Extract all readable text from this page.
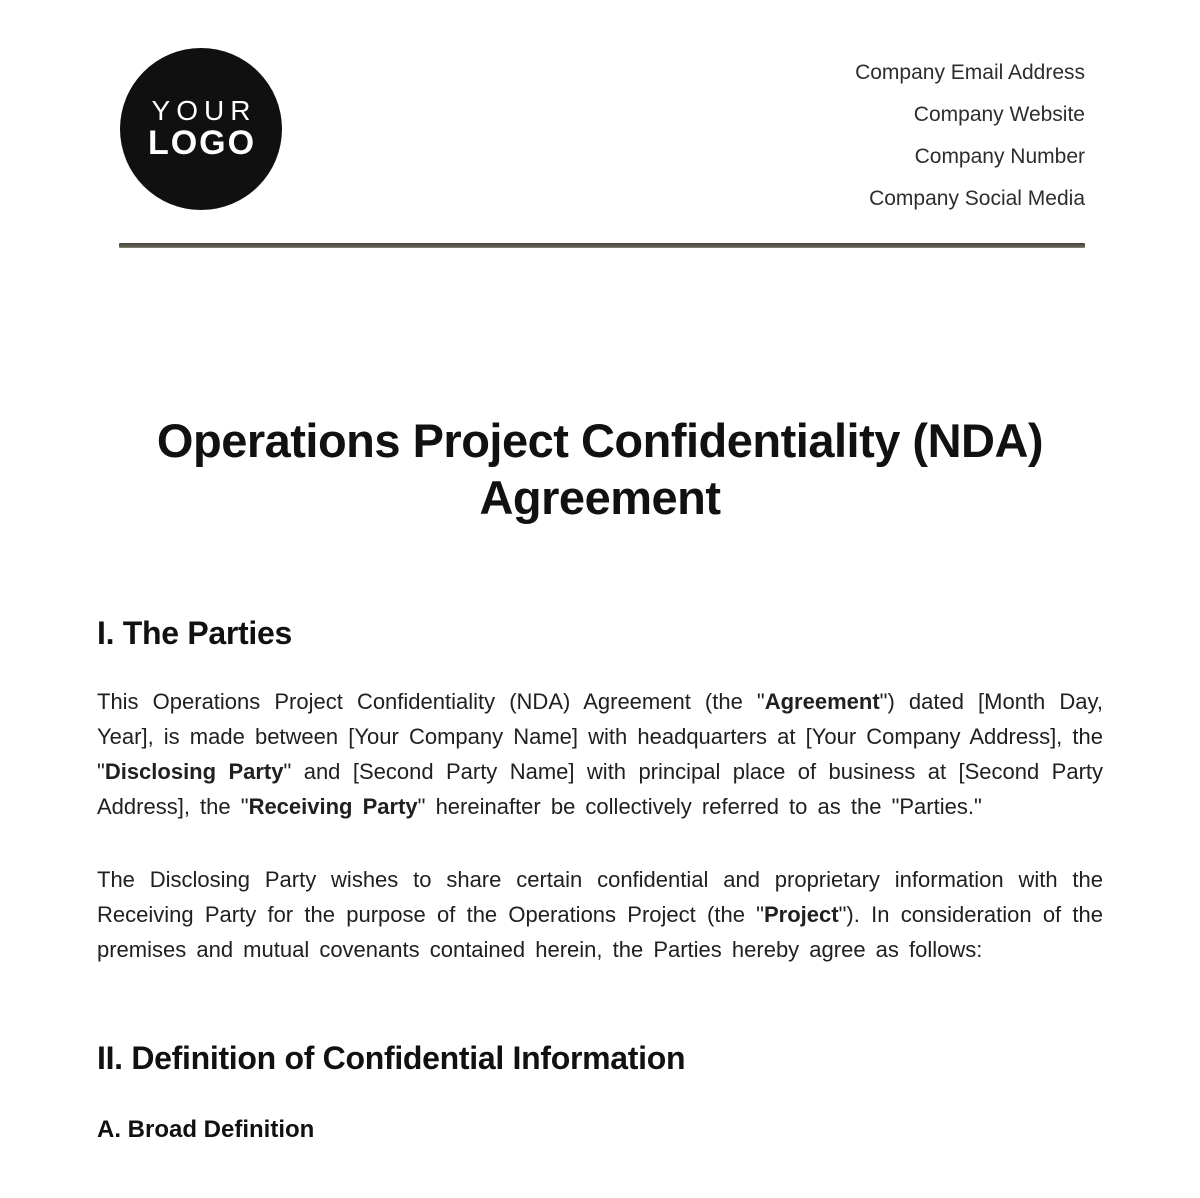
YOUR
LOGO
Company Email Address
Company Website
Company Number
Company Social Media
Operations Project Confidentiality (NDA) Agreement
I. The Parties

This Operations Project Confidentiality (NDA) Agreement (the "Agreement") dated [Month Day, Year], is made between [Your Company Name] with headquarters at [Your Company Address], the "Disclosing Party" and [Second Party Name] with principal place of business at [Second Party Address], the "Receiving Party" hereinafter be collectively referred to as the "Parties."

The Disclosing Party wishes to share certain confidential and proprietary information with the Receiving Party for the purpose of the Operations Project (the "Project"). In consideration of the premises and mutual covenants contained herein, the Parties hereby agree as follows:

II. Definition of Confidential Information
A. Broad Definition
